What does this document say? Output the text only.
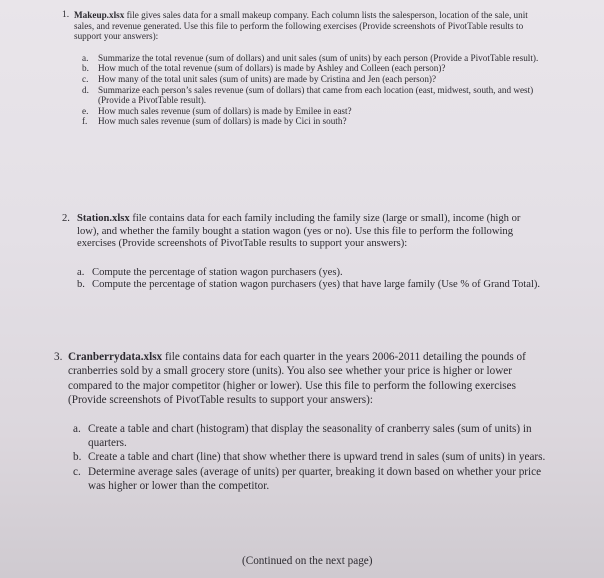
1. Makeup.xlsx file gives sales data for a small makeup company. Each column lists the salesperson, location of the sale, unit sales, and revenue generated. Use this file to perform the following exercises (Provide screenshots of PivotTable results to support your answers):

a. Summarize the total revenue (sum of dollars) and unit sales (sum of units) by each person (Provide a PivotTable result).
b. How much of the total revenue (sum of dollars) is made by Ashley and Colleen (each person)?
c. How many of the total unit sales (sum of units) are made by Cristina and Jen (each person)?
d. Summarize each person’s sales revenue (sum of dollars) that came from each location (east, midwest, south, and west) (Provide a PivotTable result).
e. How much sales revenue (sum of dollars) is made by Emilee in east?
f. How much sales revenue (sum of dollars) is made by Cici in south?
2. Station.xlsx file contains data for each family including the family size (large or small), income (high or low), and whether the family bought a station wagon (yes or no). Use this file to perform the following exercises (Provide screenshots of PivotTable results to support your answers):

a. Compute the percentage of station wagon purchasers (yes).
b. Compute the percentage of station wagon purchasers (yes) that have large family (Use % of Grand Total).
3. Cranberrydata.xlsx file contains data for each quarter in the years 2006-2011 detailing the pounds of cranberries sold by a small grocery store (units). You also see whether your price is higher or lower compared to the major competitor (higher or lower). Use this file to perform the following exercises (Provide screenshots of PivotTable results to support your answers):

a. Create a table and chart (histogram) that display the seasonality of cranberry sales (sum of units) in quarters.
b. Create a table and chart (line) that show whether there is upward trend in sales (sum of units) in years.
c. Determine average sales (average of units) per quarter, breaking it down based on whether your price was higher or lower than the competitor.
(Continued on the next page)
